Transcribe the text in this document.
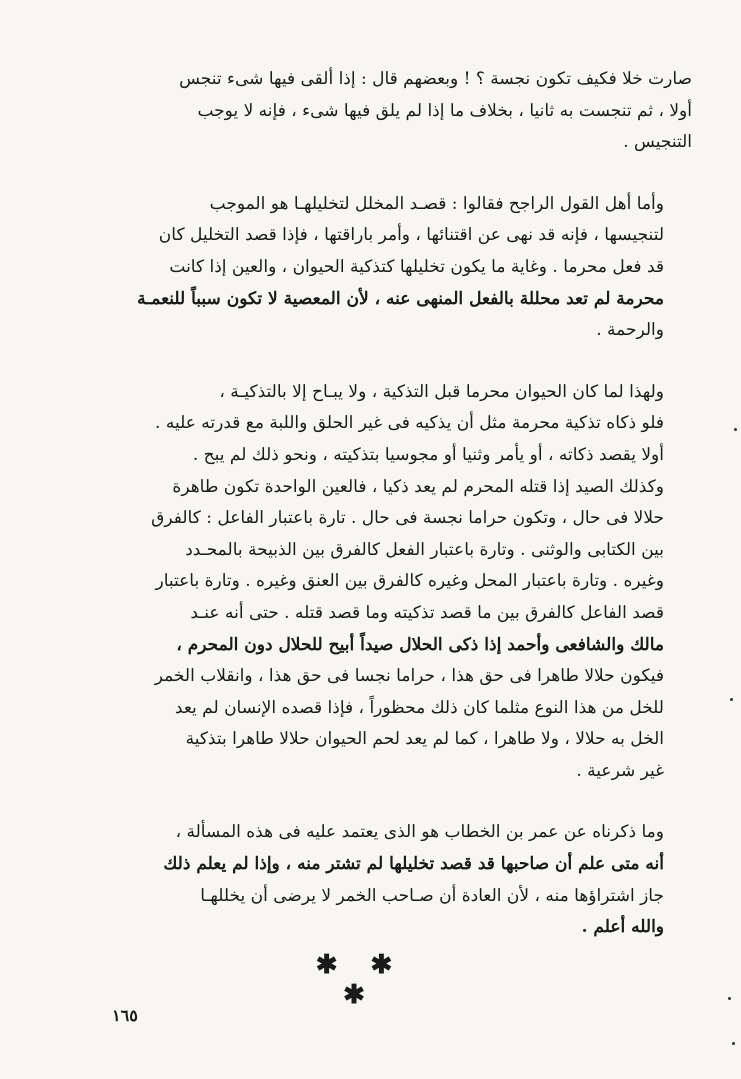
صارت خلا فكيف تكون نجسة ؟ ! وبعضهم قال : إذا ألقى فيها شىء تنجس
أولا ، ثم تنجست به ثانيا ، بخلاف ما إذا لم يلق فيها شىء ، فإنه لا يوجب
التنجيس .
وأما أهل القول الراجح فقالوا : قصـد المخلل لتخليلهـا هو الموجب
لتنجيسها ، فإنه قد نهى عن اقتنائها ، وأمر باراقتها ، فإذا قصد التخليل كان
قد فعل محرما . وغاية ما يكون تخليلها كتذكية الحيوان ، والعين إذا كانت
محرمة لم تعد محللة بالفعل المنهى عنه ، لأن المعصية لا تكون سبباً للنعمـة
والرحمة .
ولهذا لما كان الحيوان محرما قبل التذكية ، ولا يبـاح إلا بالتذكيـة ،
فلو ذكاه تذكية محرمة مثل أن يذكيه فى غير الحلق واللبة مع قدرته عليه .
أولا يقصد ذكاته ، أو يأمر وثنيا أو مجوسيا بتذكيته ، ونحو ذلك لم يبح .
وكذلك الصيد إذا قتله المحرم لم يعد ذكيا ، فالعين الواحدة تكون طاهرة
حلالا فى حال ، وتكون حراما نجسة فى حال . تارة باعتبار الفاعل : كالفرق
بين الكتابى والوثنى . وتارة باعتبار الفعل كالفرق بين الذبيحة بالمحـدد
وغيره . وتارة باعتبار المحل وغيره كالفرق بين العنق وغيره . وتارة باعتبار
قصد الفاعل كالفرق بين ما قصد تذكيته وما قصد قتله . حتى أنه عنـد
مالك والشافعى وأحمد إذا ذكى الحلال صيداً أبيح للحلال دون المحرم ،
فيكون حلالا طاهرا فى حق هذا ، حراما نجسا فى حق هذا ، وانقلاب الخمر
للخل من هذا النوع مثلما كان ذلك محظوراً ، فإذا قصده الإنسان لم يعد
الخل به حلالا ، ولا طاهرا ، كما لم يعد لحم الحيوان حلالا طاهرا بتذكية
غير شرعية .
وما ذكرناه عن عمر بن الخطاب هو الذى يعتمد عليه فى هذه المسألة ،
أنه متى علم أن صاحبها قد قصد تخليلها لم تشتر منه ، وإذا لم يعلم ذلك
جاز اشتراؤها منه ، لأن العادة أن صـاحب الخمر لا يرضى أن يخللهـا
والله أعلم .
✱ ✱ ✱
١٦٥
